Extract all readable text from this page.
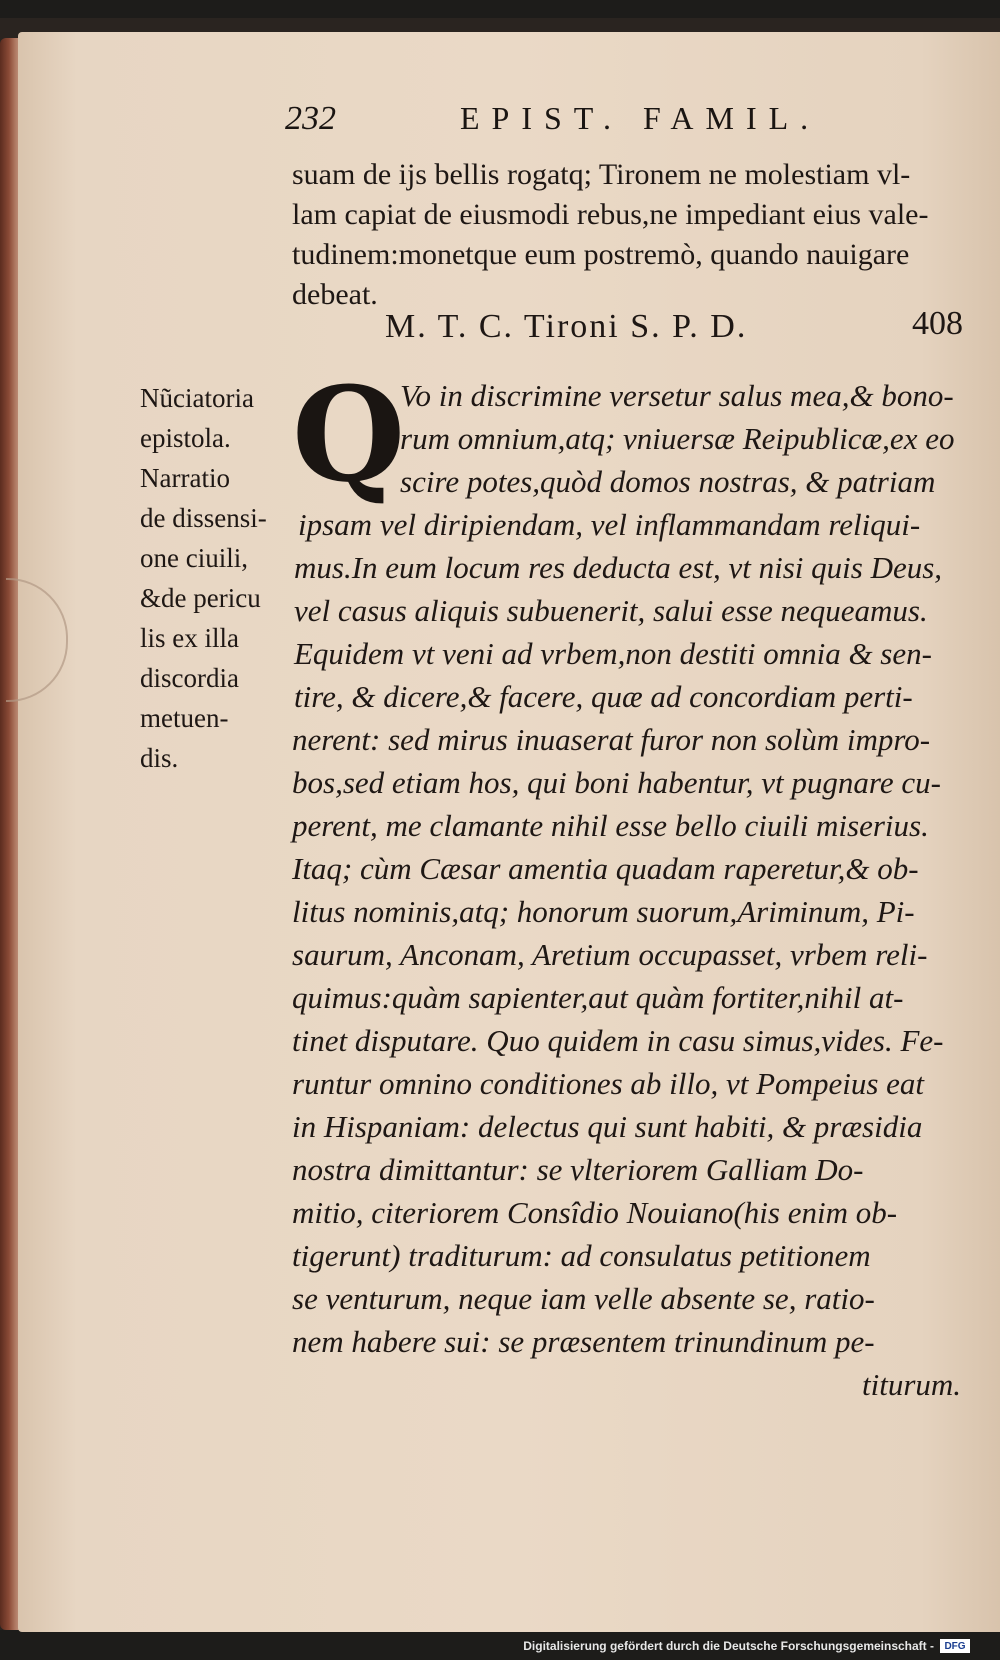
232	EPIST. FAMIL.
suam de ijs bellis rogatq; Tironem ne molestiam vl-
lam capiat de eiusmodi rebus,ne impediant eius vale-
tudinem:monetque eum postremò, quando nauigare
debeat.
M. T. C. Tironi S. P. D.	408
Nũciatoria
epistola.
Narratio
de dissensi-
one ciuili,
&de pericu
lis ex illa
discordia
metuen-
dis.
Q
Vo in discrimine versetur salus mea,& bono-
rum omnium,atq; vniuersæ Reipublicæ,ex eo
scire potes,quòd domos nostras, & patriam
ipsam vel diripiendam, vel inflammandam reliqui-
mus.In eum locum res deducta est, vt nisi quis Deus,
vel casus aliquis subuenerit, salui esse nequeamus.
Equidem vt veni ad vrbem,non destiti omnia & sen-
tire, & dicere,& facere, quæ ad concordiam perti-
nerent: sed mirus inuaserat furor non solùm impro-
bos,sed etiam hos, qui boni habentur, vt pugnare cu-
perent, me clamante nihil esse bello ciuili miserius.
Itaq; cùm Cæsar amentia quadam raperetur,& ob-
litus nominis,atq; honorum suorum,Ariminum, Pi-
saurum, Anconam, Aretium occupasset, vrbem reli-
quimus:quàm sapienter,aut quàm fortiter,nihil at-
tinet disputare. Quo quidem in casu simus,vides. Fe-
runtur omnino conditiones ab illo, vt Pompeius eat
in Hispaniam: delectus qui sunt habiti, & præsidia
nostra dimittantur: se vlteriorem Galliam Do-
mitio, citeriorem Consîdio Nouiano(his enim ob-
tigerunt) traditurum: ad consulatus petitionem
se venturum, neque iam velle absente se, ratio-
nem habere sui: se præsentem trinundinum pe-
titurum.
Digitalisierung gefördert durch die Deutsche Forschungsgemeinschaft -	DFG
